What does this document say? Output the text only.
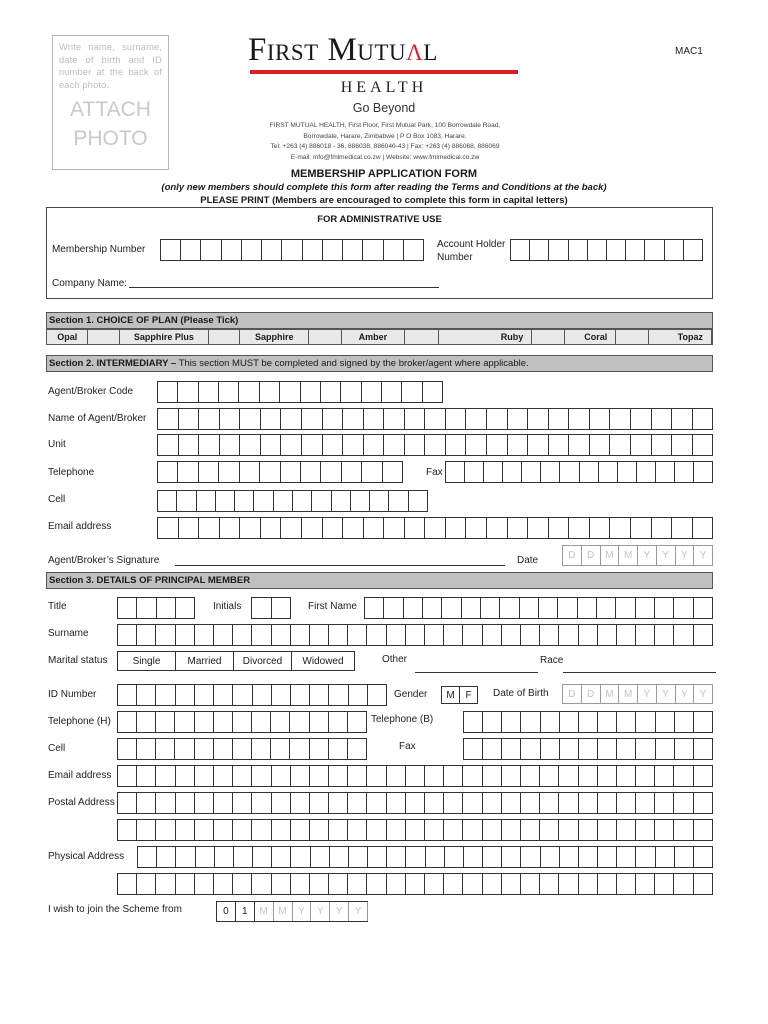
Write name, surname, date of birth and ID number at the back of each photo.
ATTACH
PHOTO
First Mutuʌl
HEALTH
Go Beyond
FIRST MUTUAL HEALTH, First Floor, First Mutual Park, 100 Borrowdale Road,
Borrowdale, Harare, Zimbabwe | P O Box 1083, Harare.
Tel: +263 (4) 886018 - 36, 886038, 886040-43 | Fax: +263 (4) 886068, 886069
E-mail: info@fmlmedical.co.zw | Website: www.fmlmedical.co.zw
MAC1
MEMBERSHIP APPLICATION FORM
(only new members should complete this form after reading the Terms and Conditions at the back)
PLEASE PRINT (Members are encouraged to complete this form in capital letters)
FOR ADMINISTRATIVE USE
Membership Number	Account Holder
Number
Company Name:
Section 1. CHOICE OF PLAN (Please Tick)
Opal	Sapphire Plus	Sapphire	Amber	Ruby	Coral	Topaz
Section 2. INTERMEDIARY – This section MUST be completed and signed by the broker/agent where applicable.
Agent/Broker Code
Name of Agent/Broker
Unit
Telephone	Fax
Cell
Email address
Agent/Broker’s Signature	Date	D	D	M	M	Y	Y	Y	Y
Section 3. DETAILS OF PRINCIPAL MEMBER
Title	Initials	First Name
Surname
Marital status	Single	Married	Divorced	Widowed	Other	Race
ID Number	Gender	M	F	Date of Birth	D	D	M	M	Y	Y	Y	Y
Telephone (H)	Telephone (B)
Cell	Fax
Email address
Postal Address
Physical Address
I wish to join the Scheme from	0	1	M	M	Y	Y	Y	Y
